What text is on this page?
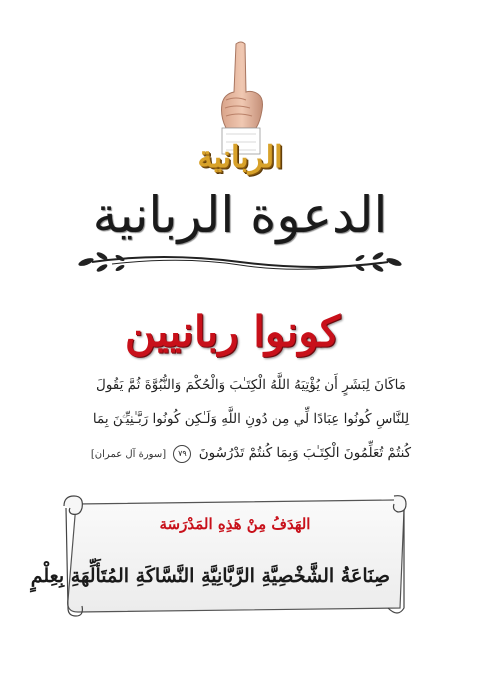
الربانية
الدعوة الربانية
كونوا ربانيين
مَاكَانَ لِبَشَرٍ أَن يُؤْتِيَهُ اللَّهُ الْكِتَـٰبَ وَالْحُكْمَ وَالنُّبُوَّةَ ثُمَّ يَقُولَ
لِلنَّاسِ كُونُوا عِبَادًا لِّي مِن دُونِ اللَّهِ وَلَـٰكِن كُونُوا رَبَّـٰنِيِّـۧنَ بِمَا
كُنتُمْ تُعَلِّمُونَ الْكِتَـٰبَ وَبِمَا كُنتُمْ تَدْرُسُونَ ٧٩ [سورة آل عمران]
الهَدَفُ مِنْ هَذِهِ المَدْرَسَة
صِنَاعَةُ الشَّخْصِيَّةِ الرَّبَّانِيَّةِ النَّسَّاكَةِ المُتَأَلِّهَةِ بِعِلْمٍ
